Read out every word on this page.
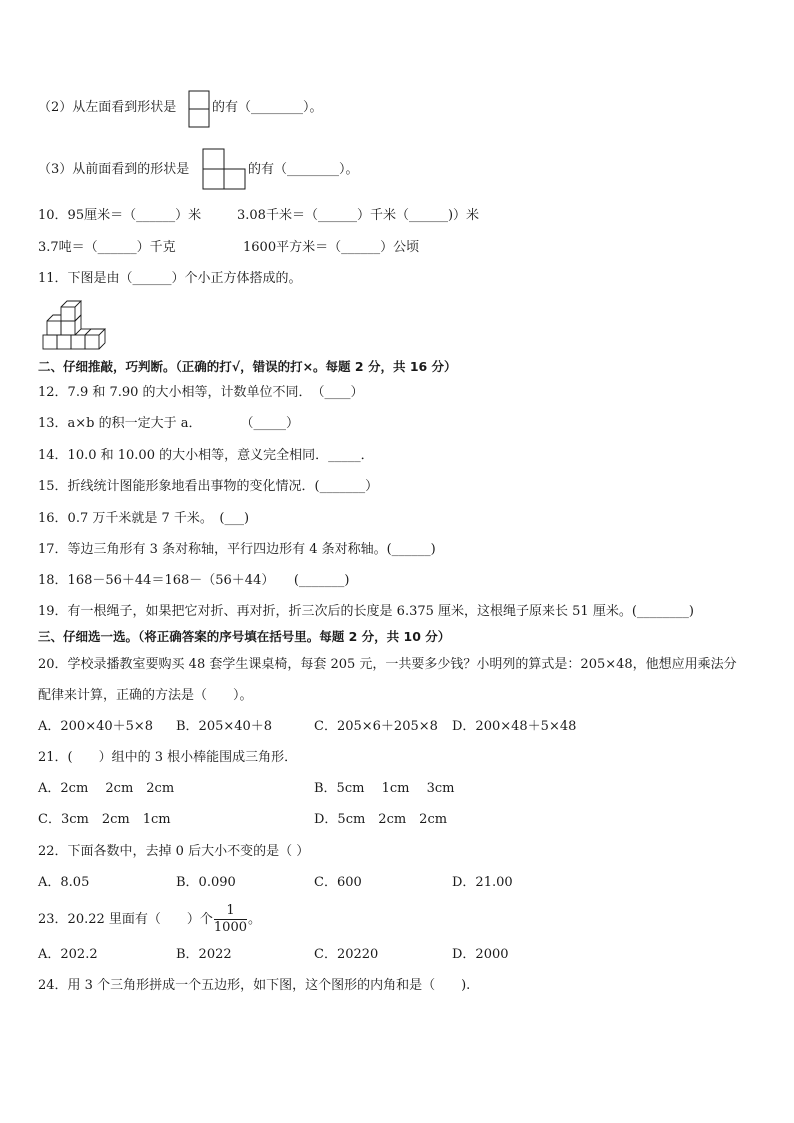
（2）从左面看到形状是	的有（________）。
（3）从前面看到的形状是	的有（________）。
10．95厘米＝（______）米	3.08千米＝（______）千米（______)）米
3.7吨＝（______）千克	1600平方米＝（______）公顷
11．下图是由（______）个小正方体搭成的。
二、仔细推敲，巧判断。（正确的打√，错误的打×。每题 2 分，共 16 分）
12．7.9 和 7.90 的大小相等，计数单位不同．　（____）
13．a×b 的积一定大于 a．　　　　（_____）
14．10.0 和 10.00 的大小相等，意义完全相同．_____．
15．折线统计图能形象地看出事物的变化情况．(_______）
16．0.7 万千米就是 7 千米。　(___)
17．等边三角形有 3 条对称轴，平行四边形有 4 条对称轴。(______)
18．168－56＋44＝168－（56＋44）　　(_______)
19．有一根绳子，如果把它对折、再对折，折三次后的长度是 6.375 厘米，这根绳子原来长 51 厘米。(________)
三、仔细选一选。（将正确答案的序号填在括号里。每题 2 分，共 10 分）
20．学校录播教室要购买 48 套学生课桌椅，每套 205 元，一共要多少钱？小明列的算式是：205×48，他想应用乘法分
配律来计算，正确的方法是（　　）。
A．200×40＋5×8 B．205×40＋8	C．205×6＋205×8 D．200×48＋5×48
21．(　　）组中的 3 根小棒能围成三角形．
A．2cm　 2cm　2cm	B．5cm　 1cm　 3cm
C．3cm　2cm　1cm	D．5cm　2cm　2cm
22．下面各数中，去掉 0 后大小不变的是（ ）
A．8.05	B．0.090	C．600	D．21.00
23．20.22 里面有（　　）个 $\frac{1}{1000}$ 。
A．202.2	B．2022	C．20220	D．2000
24．用 3 个三角形拼成一个五边形，如下图，这个图形的内角和是（　　).
